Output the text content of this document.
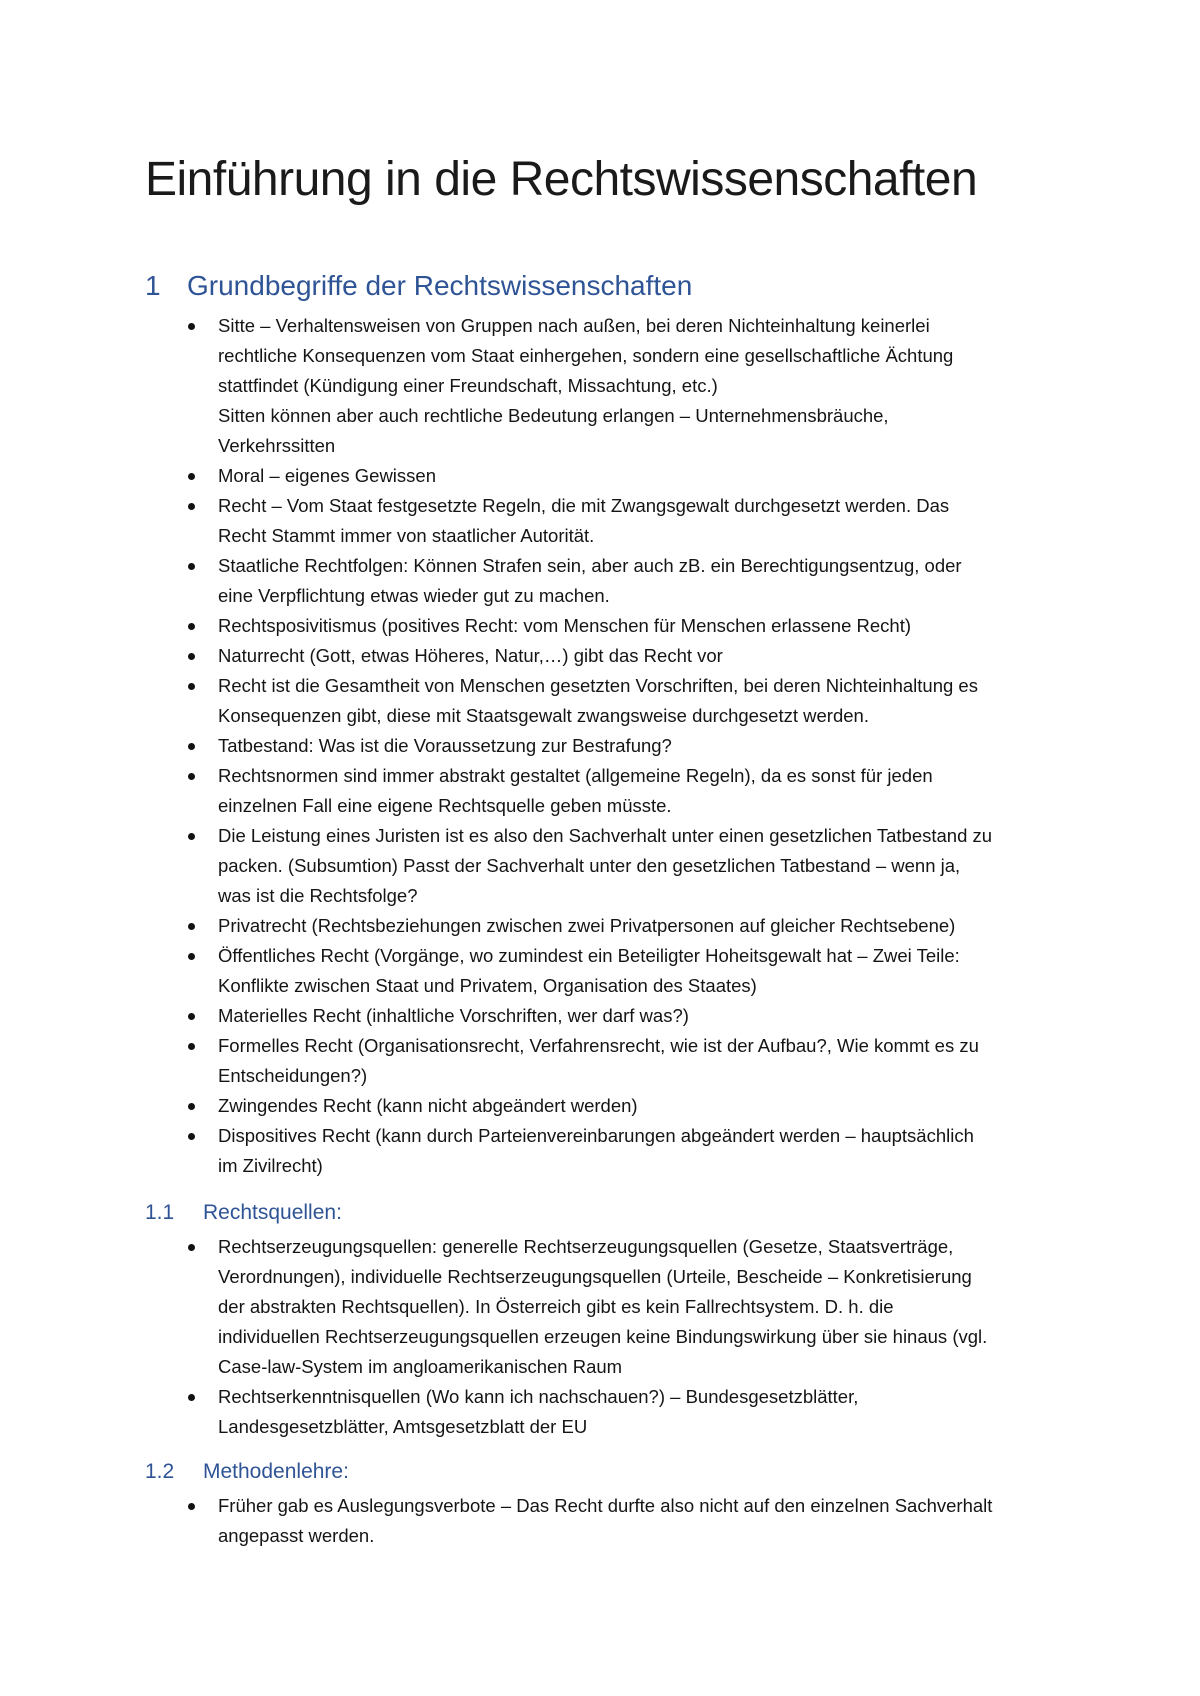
Einführung in die Rechtswissenschaften
1 Grundbegriffe der Rechtswissenschaften
Sitte – Verhaltensweisen von Gruppen nach außen, bei deren Nichteinhaltung keinerlei
rechtliche Konsequenzen vom Staat einhergehen, sondern eine gesellschaftliche Ächtung
stattfindet (Kündigung einer Freundschaft, Missachtung, etc.)
Sitten können aber auch rechtliche Bedeutung erlangen – Unternehmensbräuche,
Verkehrssitten
Moral – eigenes Gewissen
Recht – Vom Staat festgesetzte Regeln, die mit Zwangsgewalt durchgesetzt werden. Das
Recht Stammt immer von staatlicher Autorität.
Staatliche Rechtfolgen: Können Strafen sein, aber auch zB. ein Berechtigungsentzug, oder
eine Verpflichtung etwas wieder gut zu machen.
Rechtsposivitismus (positives Recht: vom Menschen für Menschen erlassene Recht)
Naturrecht (Gott, etwas Höheres, Natur,…) gibt das Recht vor
Recht ist die Gesamtheit von Menschen gesetzten Vorschriften, bei deren Nichteinhaltung es
Konsequenzen gibt, diese mit Staatsgewalt zwangsweise durchgesetzt werden.
Tatbestand: Was ist die Voraussetzung zur Bestrafung?
Rechtsnormen sind immer abstrakt gestaltet (allgemeine Regeln), da es sonst für jeden
einzelnen Fall eine eigene Rechtsquelle geben müsste.
Die Leistung eines Juristen ist es also den Sachverhalt unter einen gesetzlichen Tatbestand zu
packen. (Subsumtion) Passt der Sachverhalt unter den gesetzlichen Tatbestand – wenn ja,
was ist die Rechtsfolge?
Privatrecht (Rechtsbeziehungen zwischen zwei Privatpersonen auf gleicher Rechtsebene)
Öffentliches Recht (Vorgänge, wo zumindest ein Beteiligter Hoheitsgewalt hat – Zwei Teile:
Konflikte zwischen Staat und Privatem, Organisation des Staates)
Materielles Recht (inhaltliche Vorschriften, wer darf was?)
Formelles Recht (Organisationsrecht, Verfahrensrecht, wie ist der Aufbau?, Wie kommt es zu
Entscheidungen?)
Zwingendes Recht (kann nicht abgeändert werden)
Dispositives Recht (kann durch Parteienvereinbarungen abgeändert werden – hauptsächlich
im Zivilrecht)
1.1 Rechtsquellen:
Rechtserzeugungsquellen: generelle Rechtserzeugungsquellen (Gesetze, Staatsverträge,
Verordnungen), individuelle Rechtserzeugungsquellen (Urteile, Bescheide – Konkretisierung
der abstrakten Rechtsquellen). In Österreich gibt es kein Fallrechtsystem. D. h. die
individuellen Rechtserzeugungsquellen erzeugen keine Bindungswirkung über sie hinaus (vgl.
Case-law-System im angloamerikanischen Raum
Rechtserkenntnisquellen (Wo kann ich nachschauen?) – Bundesgesetzblätter,
Landesgesetzblätter, Amtsgesetzblatt der EU
1.2 Methodenlehre:
Früher gab es Auslegungsverbote – Das Recht durfte also nicht auf den einzelnen Sachverhalt
angepasst werden.
